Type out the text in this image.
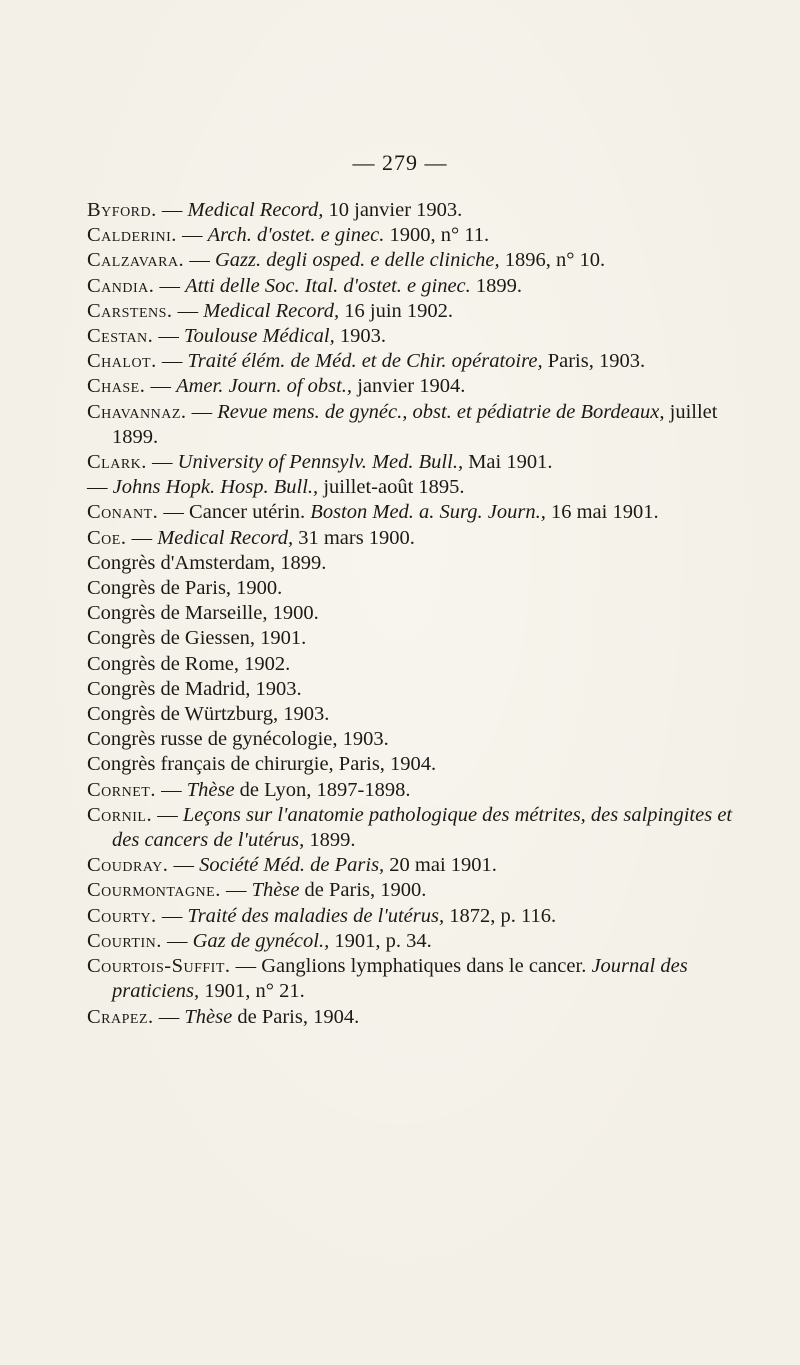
— 279 —

Byford. — Medical Record, 10 janvier 1903.

Calderini. — Arch. d'ostet. e ginec. 1900, n° 11.

Calzavara. — Gazz. degli osped. e delle cliniche, 1896, n° 10.

Candia. — Atti delle Soc. Ital. d'ostet. e ginec. 1899.

Carstens. — Medical Record, 16 juin 1902.

Cestan. — Toulouse Médical, 1903.

Chalot. — Traité élém. de Méd. et de Chir. opératoire, Paris, 1903.

Chase. — Amer. Journ. of obst., janvier 1904.

Chavannaz. — Revue mens. de gynéc., obst. et pédiatrie de Bordeaux, juillet 1899.

Clark. — University of Pennsylv. Med. Bull., Mai 1901.

— Johns Hopk. Hosp. Bull., juillet-août 1895.

Conant. — Cancer utérin. Boston Med. a. Surg. Journ., 16 mai 1901.

Coe. — Medical Record, 31 mars 1900.

Congrès d'Amsterdam, 1899.

Congrès de Paris, 1900.

Congrès de Marseille, 1900.

Congrès de Giessen, 1901.

Congrès de Rome, 1902.

Congrès de Madrid, 1903.

Congrès de Würtzburg, 1903.

Congrès russe de gynécologie, 1903.

Congrès français de chirurgie, Paris, 1904.

Cornet. — Thèse de Lyon, 1897-1898.

Cornil. — Leçons sur l'anatomie pathologique des métrites, des salpingites et des cancers de l'utérus, 1899.

Coudray. — Société Méd. de Paris, 20 mai 1901.

Courmontagne. — Thèse de Paris, 1900.

Courty. — Traité des maladies de l'utérus, 1872, p. 116.

Courtin. — Gaz de gynécol., 1901, p. 34.

Courtois-Suffit. — Ganglions lymphatiques dans le cancer. Journal des praticiens, 1901, n° 21.

Crapez. — Thèse de Paris, 1904.
